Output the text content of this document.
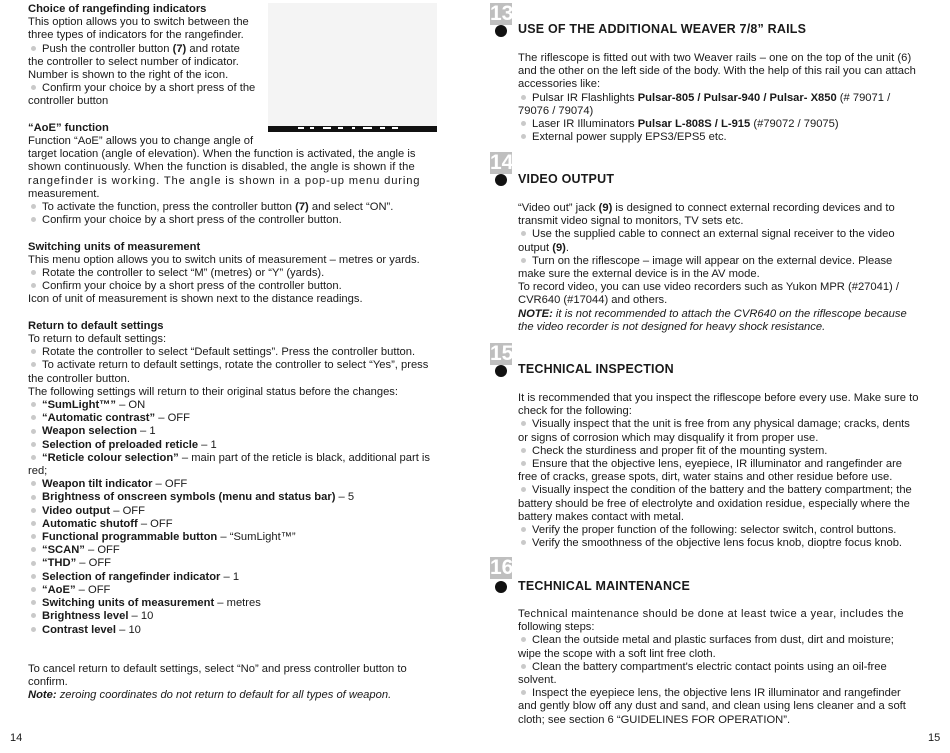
Choice of rangefinding indicators

This option allows you to switch between the

three types of indicators for the rangefinder.

Push the controller button (7) and rotate

the controller to select number of indicator.

Number is shown to the right of the icon.

Confirm your choice by a short press of the

controller button

“AoE” function

Function “AoE” allows you to change angle of

target location (angle of elevation). When the function is activated, the angle is

shown continuously. When the function is disabled, the angle is shown if the

rangefinder is working. The angle is shown in a pop-up menu during

measurement.

To activate the function, press the controller button (7) and select “ON”.

Confirm your choice by a short press of the controller button.

Switching units of measurement

This menu option allows you to switch units of measurement – metres or yards.

Rotate the controller to select “M” (metres) or “Y” (yards).

Confirm your choice by a short press of the controller button.

Icon of unit of measurement is shown next to the distance readings.

Return to default settings

To return to default settings:

Rotate the controller to select “Default settings”. Press the controller button.

To activate return to default settings, rotate the controller to select “Yes”, press

the controller button.

The following settings will return to their original status before the changes:

“SumLight™” – ON

“Automatic contrast” – OFF

Weapon selection – 1

Selection of preloaded reticle – 1

“Reticle colour selection” – main part of the reticle is black, additional part is

red;

Weapon tilt indicator – OFF

Brightness of onscreen symbols (menu and status bar) – 5

Video output – OFF

Automatic shutoff – OFF

Functional programmable button – “SumLight™”

“SCAN” – OFF

“THD” – OFF

Selection of rangefinder indicator – 1

“AoE” – OFF

Switching units of measurement – metres

Brightness level – 10

Contrast level – 10

To cancel return to default settings, select “No” and press controller button to

confirm.

Note: zeroing coordinates do not return to default for all types of weapon.

14
13
USE OF THE ADDITIONAL WEAVER 7/8” RAILS

The riflescope is fitted out with two Weaver rails – one on the top of the unit (6)

and the other on the left side of the body. With the help of this rail you can attach

accessories like:

Pulsar IR Flashlights Pulsar-805 / Pulsar-940 / Pulsar- X850 (# 79071 /

79076 / 79074)

Laser IR Illuminators Pulsar L-808S / L-915 (#79072 / 79075)

External power supply EPS3/EPS5 etc.

14
VIDEO OUTPUT

“Video out” jack (9) is designed to connect external recording devices and to

transmit video signal to monitors, TV sets etc.

Use the supplied cable to connect an external signal receiver to the video

output (9).

Turn on the riflescope – image will appear on the external device. Please

make sure the external device is in the AV mode.

To record video, you can use video recorders such as Yukon MPR (#27041) /

CVR640 (#17044) and others.

NOTE: it is not recommended to attach the CVR640 on the riflescope because

the video recorder is not designed for heavy shock resistance.

15
TECHNICAL INSPECTION

It is recommended that you inspect the riflescope before every use. Make sure to

check for the following:

Visually inspect that the unit is free from any physical damage; cracks, dents

or signs of corrosion which may disqualify it from proper use.

Check the sturdiness and proper fit of the mounting system.

Ensure that the objective lens, eyepiece, IR illuminator and rangefinder are

free of cracks, grease spots, dirt, water stains and other residue before use.

Visually inspect the condition of the battery and the battery compartment; the

battery should be free of electrolyte and oxidation residue, especially where the

battery makes contact with metal.

Verify the proper function of the following: selector switch, control buttons.

Verify the smoothness of the objective lens focus knob, dioptre focus knob.

16
TECHNICAL MAINTENANCE

Technical maintenance should be done at least twice a year, includes the

following steps:

Clean the outside metal and plastic surfaces from dust, dirt and moisture;

wipe the scope with a soft lint free cloth.

Clean the battery compartment's electric contact points using an oil-free

solvent.

Inspect the eyepiece lens, the objective lens IR illuminator and rangefinder

and gently blow off any dust and sand, and clean using lens cleaner and a soft

cloth; see section 6 “GUIDELINES FOR OPERATION”.

15
